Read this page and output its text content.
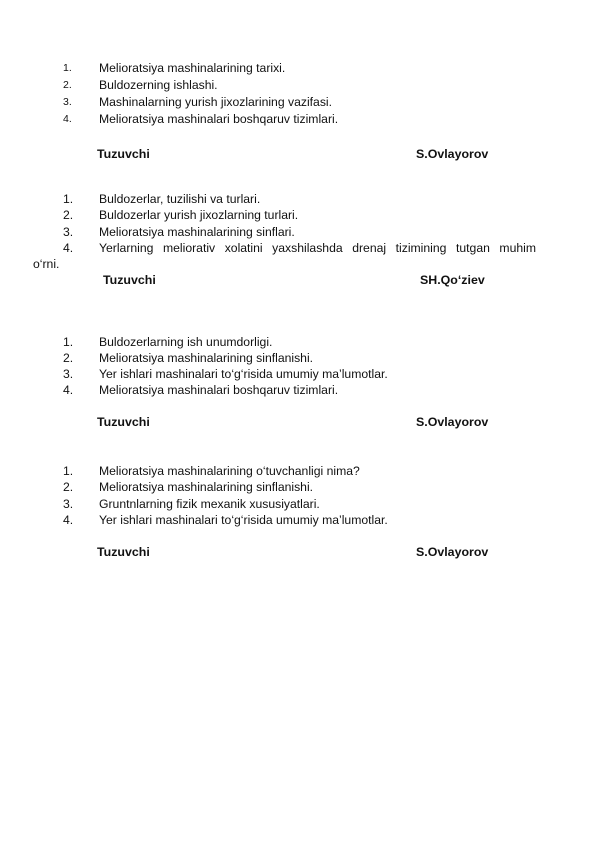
1. Melioratsiya mashinalarining tarixi.
2. Buldozerning ishlashi.
3. Mashinalarning yurish jixozlarining vazifasi.
4. Melioratsiya mashinalari boshqaruv tizimlari.
Tuzuvchi	S.Ovlayorov
1. Buldozerlar, tuzilishi va turlari.
2. Buldozerlar yurish jixozlarning turlari.
3. Melioratsiya mashinalarining sinflari.
4. Yerlarning meliorativ xolatini yaxshilashda drenaj tizimining tutgan muhim
o‘rni.
Tuzuvchi	SH.Qo‘ziev
1. Buldozerlarning ish unumdorligi.
2. Melioratsiya mashinalarining sinflanishi.
3. Yer ishlari mashinalari to‘g‘risida umumiy ma’lumotlar.
4. Melioratsiya mashinalari boshqaruv tizimlari.
Tuzuvchi	S.Ovlayorov
1. Melioratsiya mashinalarining o‘tuvchanligi nima?
2. Melioratsiya mashinalarining sinflanishi.
3. Gruntnlarning fizik mexanik xususiyatlari.
4. Yer ishlari mashinalari to‘g‘risida umumiy ma’lumotlar.
Tuzuvchi	S.Ovlayorov
